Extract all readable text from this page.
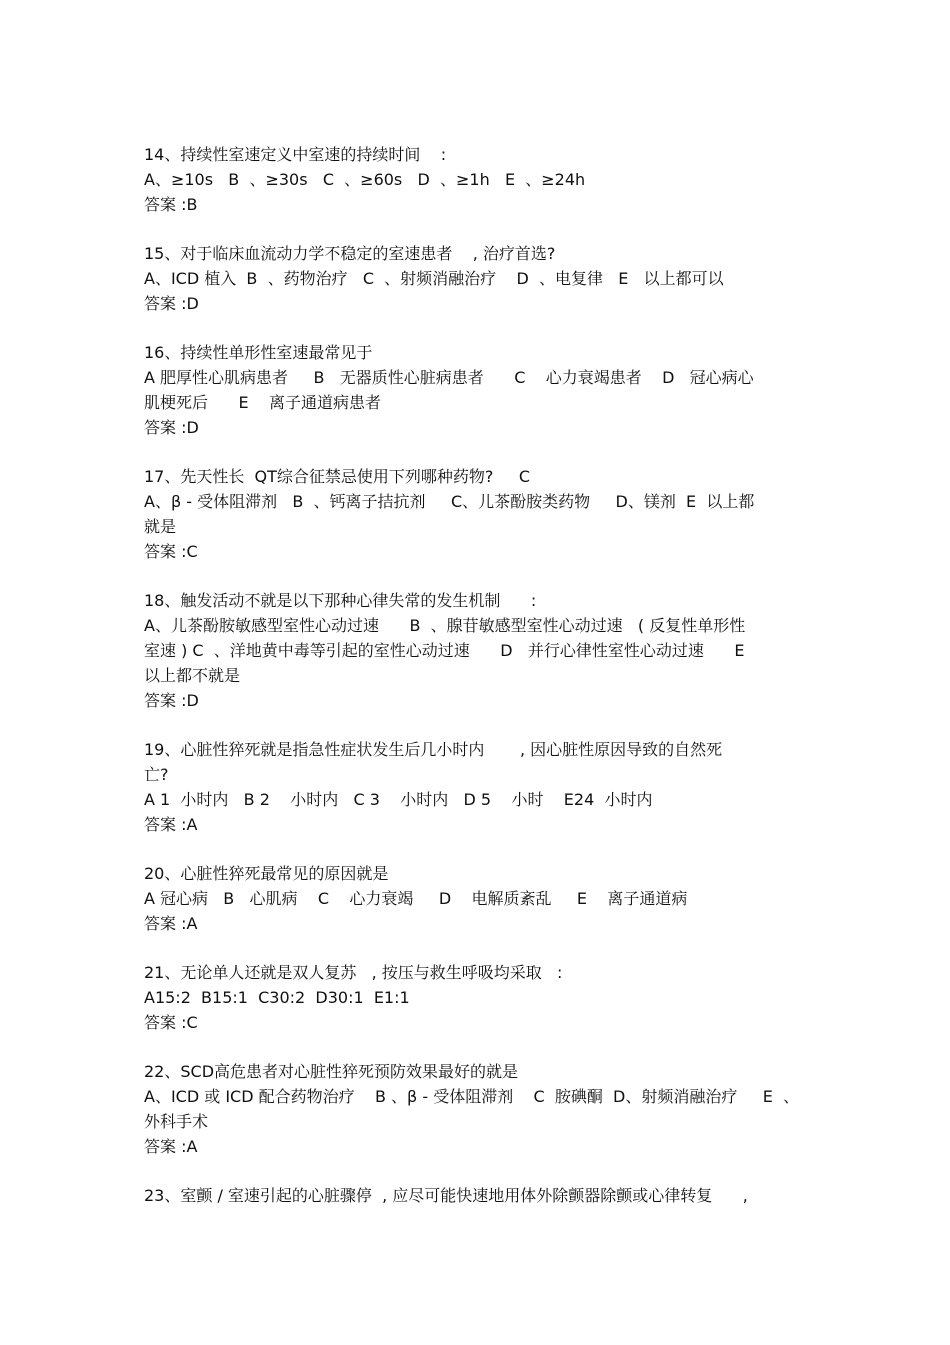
14、持续性室速定义中室速的持续时间    :
A、≥10s   B  、≥30s   C  、≥60s   D  、≥1h   E  、≥24h
答案 :B
15、对于临床血流动力学不稳定的室速患者    , 治疗首选?
A、ICD 植入  B  、药物治疗   C  、射频消融治疗    D  、电复律   E   以上都可以
答案 :D
16、持续性单形性室速最常见于
A 肥厚性心肌病患者     B   无器质性心脏病患者      C    心力衰竭患者    D   冠心病心
肌梗死后      E    离子通道病患者
答案 :D
17、先天性长  QT综合征禁忌使用下列哪种药物?     C
A、β - 受体阻滞剂   B  、钙离子拮抗剂     C、儿茶酚胺类药物     D、镁剂  E  以上都
就是
答案 :C
18、触发活动不就是以下那种心律失常的发生机制      :
A、儿茶酚胺敏感型室性心动过速      B  、腺苷敏感型室性心动过速   ( 反复性单形性
室速 ) C  、洋地黄中毒等引起的室性心动过速      D   并行心律性室性心动过速      E
以上都不就是
答案 :D
19、心脏性猝死就是指急性症状发生后几小时内       , 因心脏性原因导致的自然死
亡?
A 1  小时内   B 2    小时内   C 3    小时内   D 5    小时    E24  小时内
答案 :A
20、心脏性猝死最常见的原因就是
A 冠心病   B   心肌病    C    心力衰竭     D    电解质紊乱     E    离子通道病
答案 :A
21、无论单人还就是双人复苏   , 按压与救生呼吸均采取   :
A15:2  B15:1  C30:2  D30:1  E1:1
答案 :C
22、SCD高危患者对心脏性猝死预防效果最好的就是
A、ICD 或 ICD 配合药物治疗    B 、β - 受体阻滞剂    C  胺碘酮  D、射频消融治疗     E  、
外科手术
答案 :A
23、室颤 / 室速引起的心脏骤停  , 应尽可能快速地用体外除颤器除颤或心律转复      ,
